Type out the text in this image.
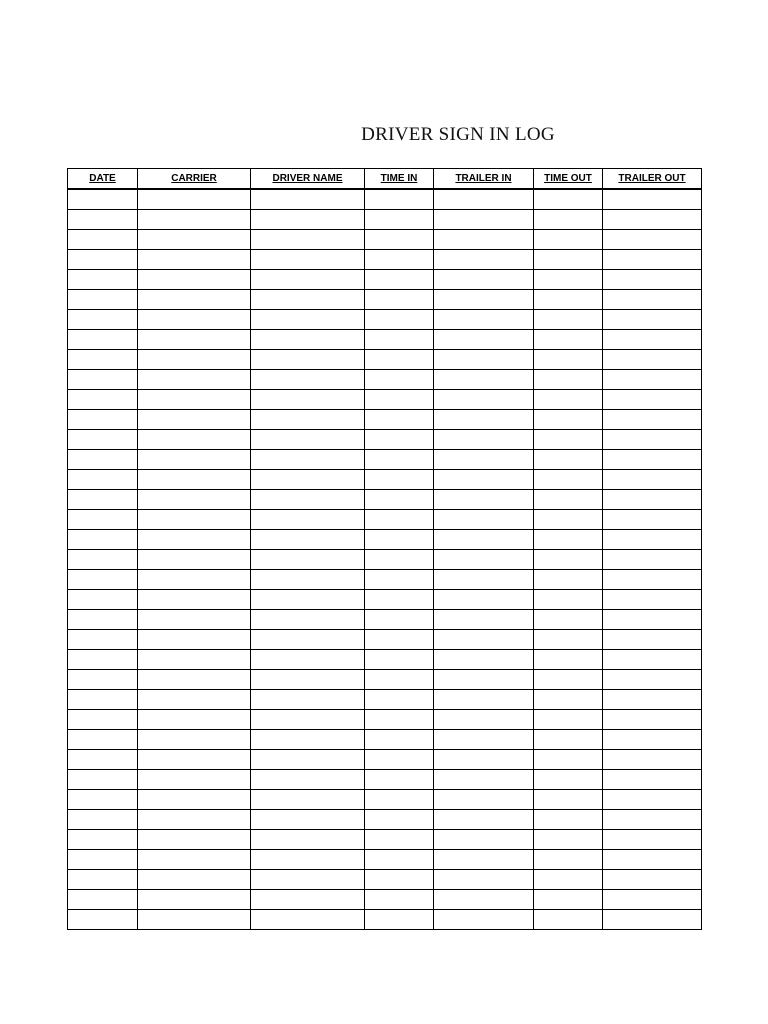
DRIVER SIGN IN LOG
DATE	CARRIER	DRIVER NAME	TIME IN	TRAILER IN	TIME OUT	TRAILER OUT
